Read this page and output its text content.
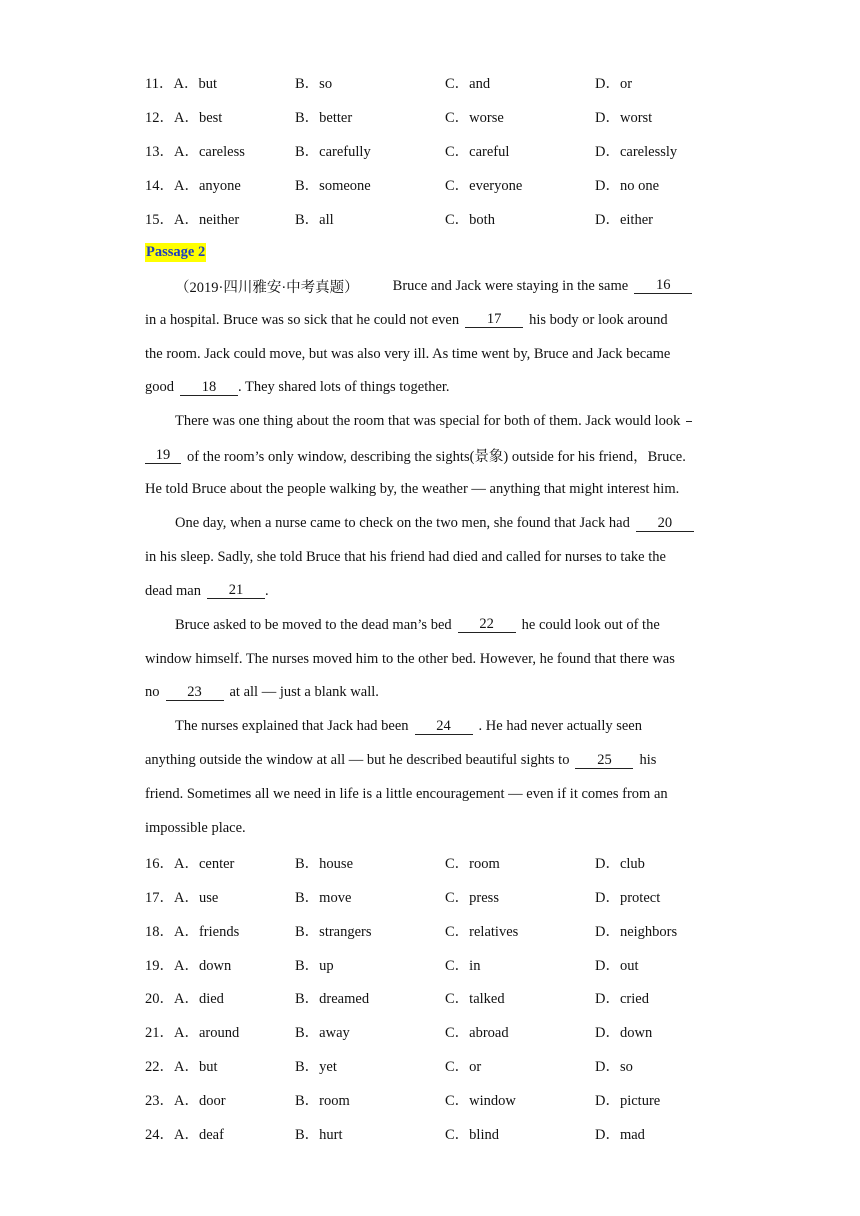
11．A．but	B．so	C．and	D．or
12．A．best	B．better	C．worse	D．worst
13．A．careless	B．carefully	C．careful	D．carelessly
14．A．anyone	B．someone	C．everyone	D．no one
15．A．neither	B．all	C．both	D．either
Passage 2
（2019·四川雅安·中考真题） Bruce and Jack were staying in the same	16
in a hospital. Bruce was so sick that he could not even	17	his body or look around
the room. Jack could move, but was also very ill. As time went by, Bruce and Jack became
good	18	. They shared lots of things together.
There was one thing about the room that was special for both of them. Jack would look
19	of the room’s only window, describing the sights(景象) outside for his friend，Bruce.
He told Bruce about the people walking by, the weather — anything that might interest him.
One day, when a nurse came to check on the two men, she found that Jack had	20
in his sleep. Sadly, she told Bruce that his friend had died and called for nurses to take the
dead man	21	.
Bruce asked to be moved to the dead man’s bed	22	he could look out of the
window himself. The nurses moved him to the other bed. However, he found that there was
no	23	at all — just a blank wall.
The nurses explained that Jack had been	24	. He had never actually seen
anything outside the window at all — but he described beautiful sights to	25	his
friend. Sometimes all we need in life is a little encouragement — even if it comes from an
impossible place.
16．A．center	B．house	C．room	D．club
17．A．use	B．move	C．press	D．protect
18．A．friends	B．strangers	C．relatives	D．neighbors
19．A．down	B．up	C．in	D．out
20．A．died	B．dreamed	C．talked	D．cried
21．A．around	B．away	C．abroad	D．down
22．A．but	B．yet	C．or	D．so
23．A．door	B．room	C．window	D．picture
24．A．deaf	B．hurt	C．blind	D．mad
